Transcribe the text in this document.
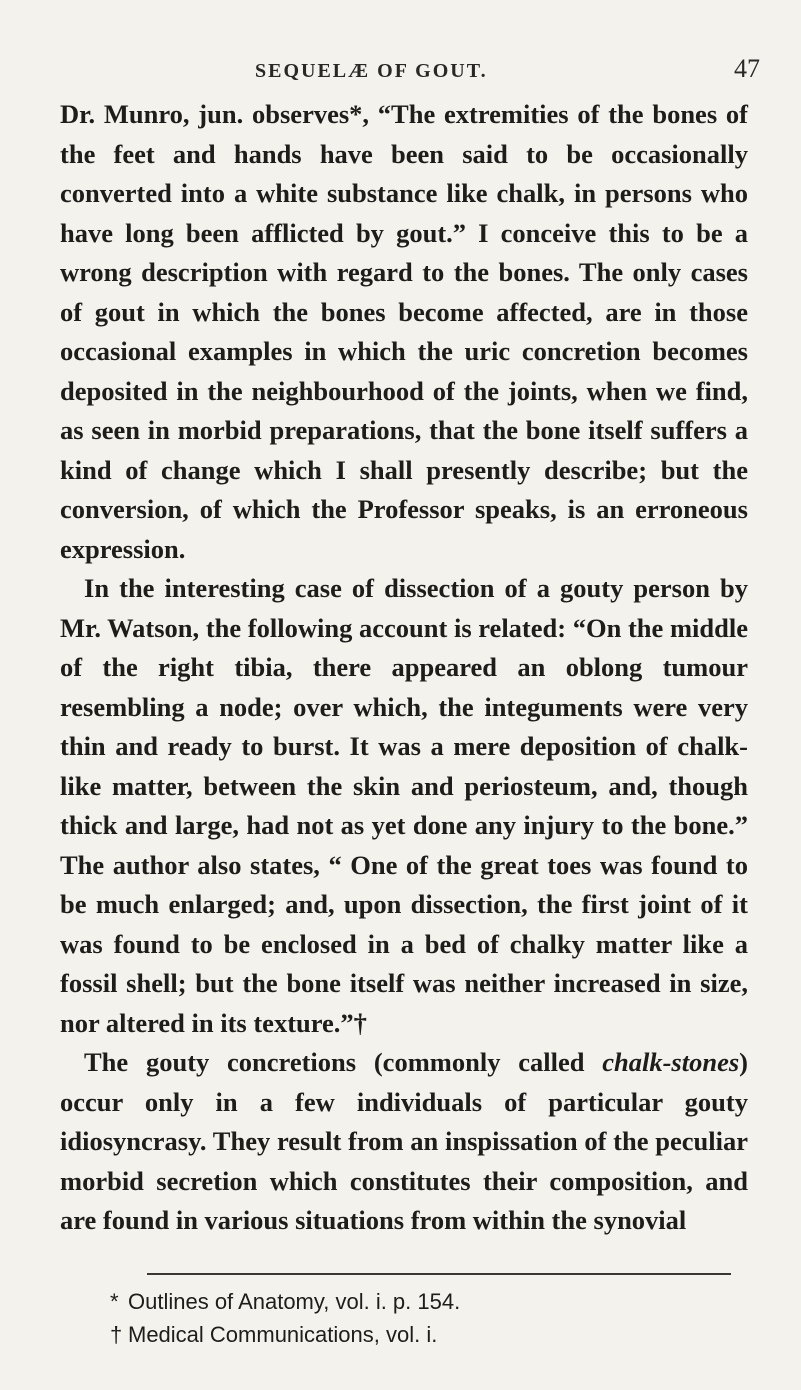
SEQUELÆ OF GOUT.	47

Dr. Munro, jun. observes*, “The extremities of the bones of the feet and hands have been said to be occasionally converted into a white substance like chalk, in persons who have long been afflicted by gout.” I conceive this to be a wrong description with regard to the bones. The only cases of gout in which the bones become affected, are in those occasional examples in which the uric concretion becomes deposited in the neighbourhood of the joints, when we find, as seen in morbid preparations, that the bone itself suffers a kind of change which I shall presently describe; but the conversion, of which the Professor speaks, is an erroneous expression.

In the interesting case of dissection of a gouty person by Mr. Watson, the following account is related: “On the middle of the right tibia, there appeared an oblong tumour resembling a node; over which, the integuments were very thin and ready to burst. It was a mere deposition of chalk-like matter, between the skin and periosteum, and, though thick and large, had not as yet done any injury to the bone.” The author also states, “ One of the great toes was found to be much enlarged; and, upon dissection, the first joint of it was found to be enclosed in a bed of chalky matter like a fossil shell; but the bone itself was neither increased in size, nor altered in its texture.”†

The gouty concretions (commonly called chalk-stones) occur only in a few individuals of particular gouty idiosyncrasy. They result from an inspissation of the peculiar morbid secretion which constitutes their composition, and are found in various situations from within the synovial

* Outlines of Anatomy, vol. i. p. 154.

† Medical Communications, vol. i.
